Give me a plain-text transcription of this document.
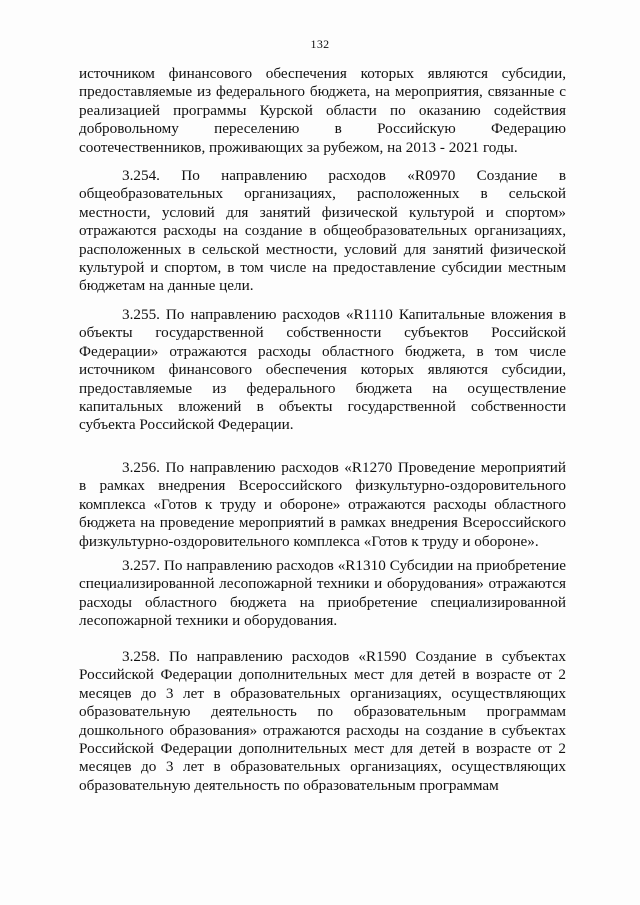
132

источником финансового обеспечения которых являются субсидии, предоставляемые из федерального бюджета, на мероприятия, связанные с реализацией программы Курской области по оказанию содействия добровольному переселению в Российскую Федерацию соотечественников, проживающих за рубежом, на 2013 - 2021 годы.

3.254. По направлению расходов «R0970 Создание в общеобразовательных организациях, расположенных в сельской местности, условий для занятий физической культурой и спортом» отражаются расходы на создание в общеобразовательных организациях, расположенных в сельской местности, условий для занятий физической культурой и спортом, в том числе на предоставление субсидии местным бюджетам на данные цели.

3.255. По направлению расходов «R1110 Капитальные вложения в объекты государственной собственности субъектов Российской Федерации» отражаются расходы областного бюджета, в том числе источником финансового обеспечения которых являются субсидии, предоставляемые из федерального бюджета на осуществление капитальных вложений в объекты государственной собственности субъекта Российской Федерации.

3.256. По направлению расходов «R1270 Проведение мероприятий в рамках внедрения Всероссийского физкультурно-оздоровительного комплекса «Готов к труду и обороне» отражаются расходы областного бюджета на проведение мероприятий в рамках внедрения Всероссийского физкультурно-оздоровительного комплекса «Готов к труду и обороне».

3.257. По направлению расходов «R1310 Субсидии на приобретение специализированной лесопожарной техники и оборудования» отражаются расходы областного бюджета на приобретение специализированной лесопожарной техники и оборудования.

3.258. По направлению расходов «R1590 Создание в субъектах Российской Федерации дополнительных мест для детей в возрасте от 2 месяцев до 3 лет в образовательных организациях, осуществляющих образовательную деятельность по образовательным программам дошкольного образования» отражаются расходы на создание в субъектах Российской Федерации дополнительных мест для детей в возрасте от 2 месяцев до 3 лет в образовательных организациях, осуществляющих образовательную деятельность по образовательным программам
